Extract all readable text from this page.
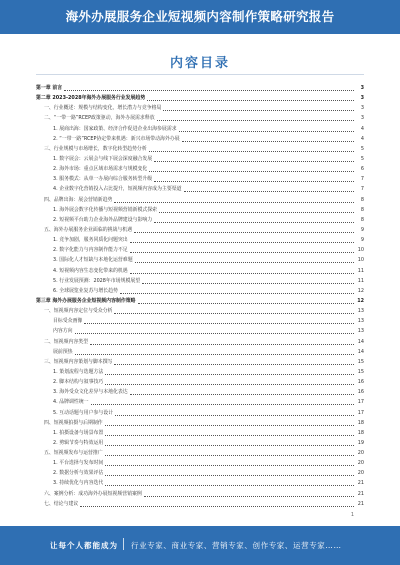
海外办展服务企业短视频内容制作策略研究报告
内容目录
第一章 前言	3
第二章 2023-2028年海外办展服务行业发展趋势	3
一、行业概述：规模与结构变化，增长潜力与竞争格局	3
二、“一带一路”RCEP政策驱动，海外办展需求释放	3
1. 展商出海：国家政策、经济合作促进企业出海参展需求	4
2. “一带一路”RCEP协定带来机遇：新兴市场带动海外办展	4
三、行业规模与市场增长，数字化转型趋势分析	5
1. 数字展会：云展会与线下展会深度融合发展	5
2. 海外市场：重点区域市场需求与规模变化	6
3. 服务模式：从单一办展向综合服务转型升级	7
4. 企业数字化营销投入占比提升，短视频内容成为主要渠道	7
四、品牌出海：展会营销新趋势	8
1. 海外展会数字化传播与短视频营销新模式探索	8
2. 短视频平台助力企业海外品牌建设与影响力	8
五、海外办展服务企业面临的挑战与机遇	9
1. 竞争加剧，服务同质化问题突出	9
2. 数字化能力与内容制作能力不足	10
3. 国际化人才短缺与本地化运营难题	10
4. 短视频内容生态变化带来的机遇	11
5. 行业发展预测：2028年市场规模展望	11
6. 全球展览业复苏与增长趋势	12
第三章 海外办展服务企业短视频内容制作策略	12
一、短视频内容定位与受众分析	13
目标受众画像	13
内容方向	13
二、短视频内容类型	14
展前预热	14
三、短视频内容策划与脚本撰写	15
1. 策划流程与选题方法	15
2. 脚本结构与叙事技巧	16
3. 海外受众文化差异与本地化表达	16
4. 品牌调性统一	17
5. 互动话题与用户参与设计	17
四、短视频拍摄与后期制作	18
1. 拍摄设备与场景布置	18
2. 剪辑节奏与特效运用	19
五、短视频发布与运营推广	20
1. 平台选择与发布时间	20
2. 数据分析与效果评估	20
3. 持续优化与内容迭代	21
六、案例分析：成功海外办展短视频营销案例	21
七、结论与建议	21
1
让每个人都能成为 行业专家、商业专家、营销专家、创作专家、运营专家……
